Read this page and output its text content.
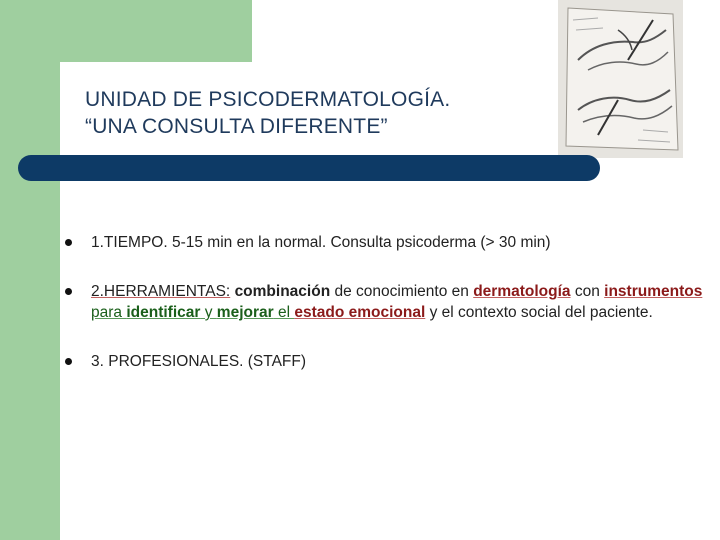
UNIDAD DE PSICODERMATOLOGÍA.
“UNA CONSULTA DIFERENTE”
1.TIEMPO. 5-15 min en la normal. Consulta psicoderma (> 30 min)
2.HERRAMIENTAS: combinación de conocimiento en dermatología con instrumentos para identificar y mejorar el estado emocional y el contexto social del paciente.
3. PROFESIONALES. (STAFF)
